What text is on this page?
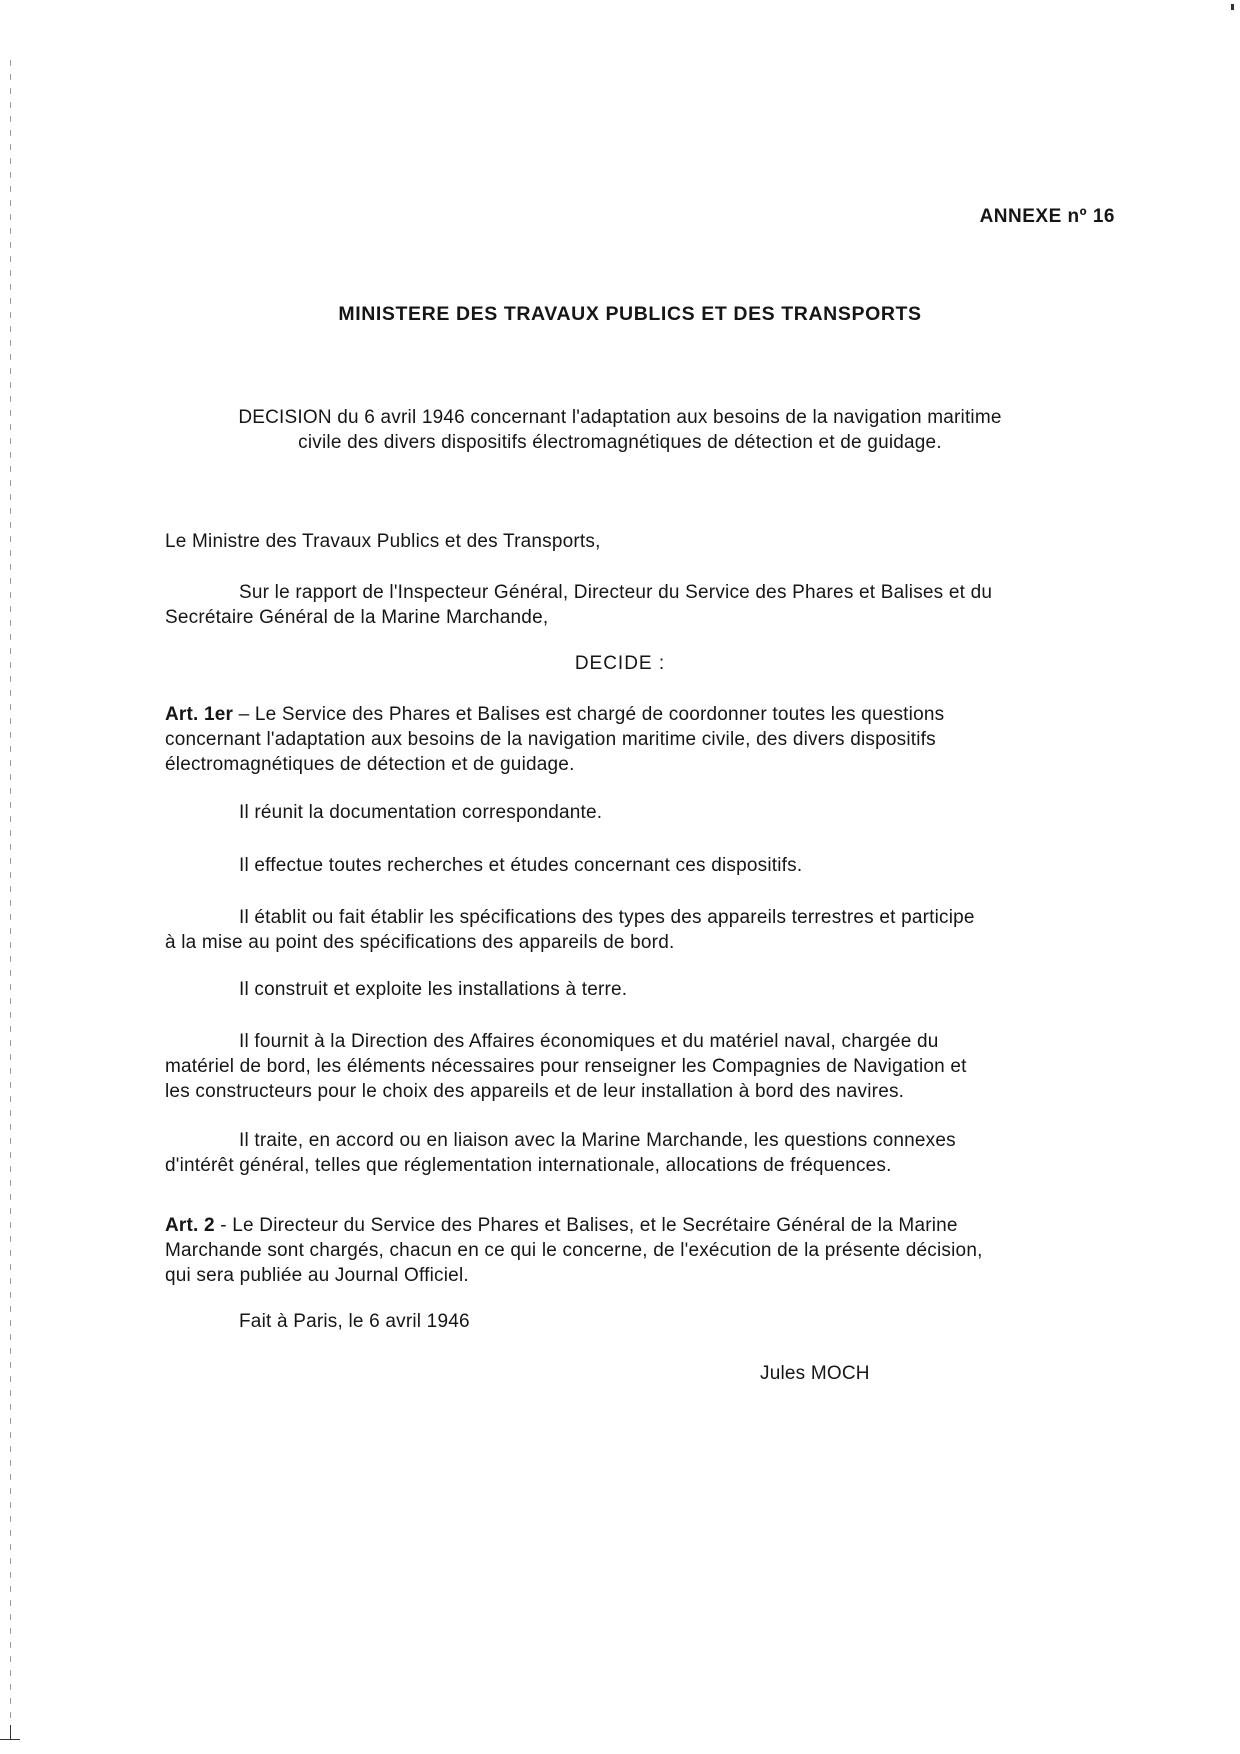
ANNEXE nº 16
MINISTERE DES TRAVAUX PUBLICS ET DES TRANSPORTS
DECISION du 6 avril 1946 concernant l'adaptation aux besoins de la navigation maritime
civile des divers dispositifs électromagnétiques de détection et de guidage.
Le Ministre des Travaux Publics et des Transports,
Sur le rapport de l'Inspecteur Général, Directeur du Service des Phares et Balises et du
Secrétaire Général de la Marine Marchande,
DECIDE :
Art. 1er – Le Service des Phares et Balises est chargé de coordonner toutes les questions
concernant l'adaptation aux besoins de la navigation maritime civile, des divers dispositifs
électromagnétiques de détection et de guidage.
Il réunit la documentation correspondante.
Il effectue toutes recherches et études concernant ces dispositifs.
Il établit ou fait établir les spécifications des types des appareils terrestres et participe
à la mise au point des spécifications des appareils de bord.
Il construit et exploite les installations à terre.
Il fournit à la Direction des Affaires économiques et du matériel naval, chargée du
matériel de bord, les éléments nécessaires pour renseigner les Compagnies de Navigation et
les constructeurs pour le choix des appareils et de leur installation à bord des navires.
Il traite, en accord ou en liaison avec la Marine Marchande, les questions connexes
d'intérêt général, telles que réglementation internationale, allocations de fréquences.
Art. 2 - Le Directeur du Service des Phares et Balises, et le Secrétaire Général de la Marine
Marchande sont chargés, chacun en ce qui le concerne, de l'exécution de la présente décision,
qui sera publiée au Journal Officiel.
Fait à Paris, le 6 avril 1946
Jules MOCH
